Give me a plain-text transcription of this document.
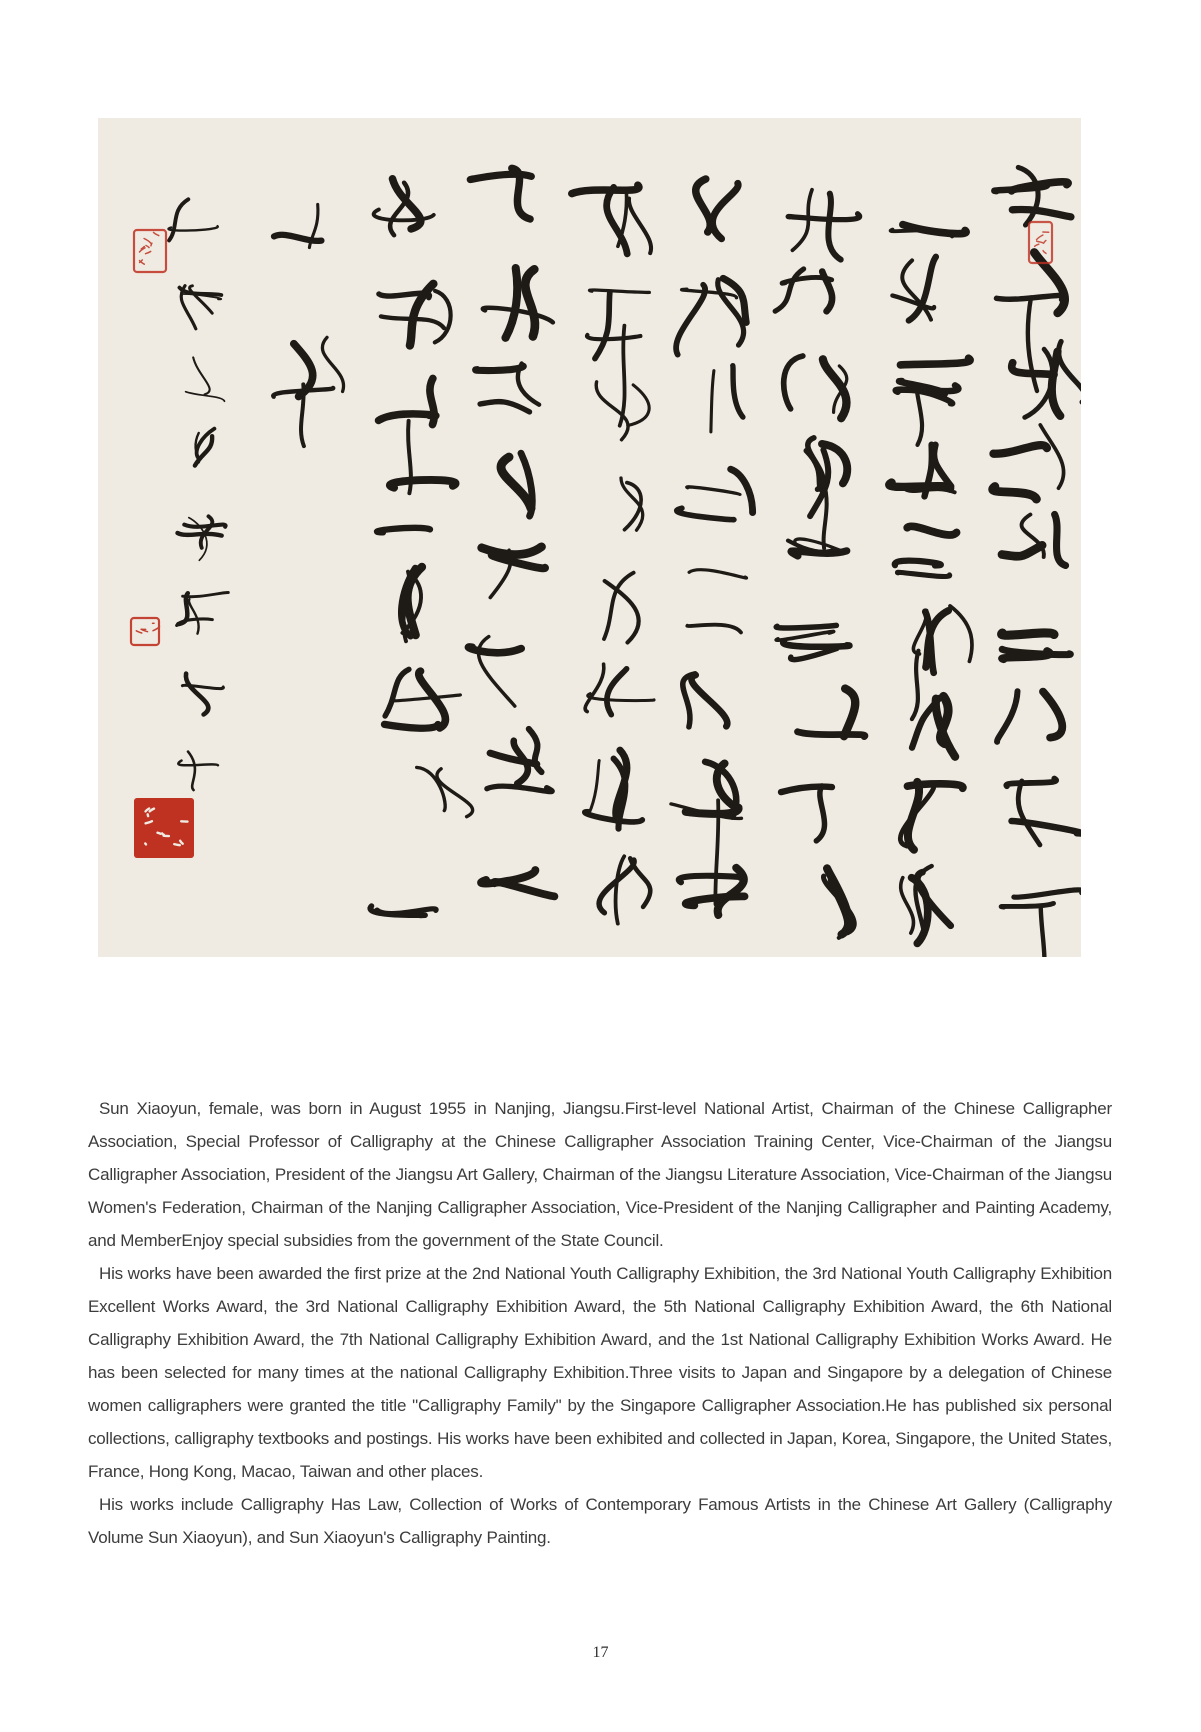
Sun Xiaoyun, female, was born in August 1955 in Nanjing, Jiangsu.First-level National Artist, Chairman of the Chinese Calligrapher Association, Special Professor of Calligraphy at the Chinese Calligrapher Association Training Center, Vice-Chairman of the Jiangsu Calligrapher Association, President of the Jiangsu Art Gallery, Chairman of the Jiangsu Literature Association, Vice-Chairman of the Jiangsu Women's Federation, Chairman of the Nanjing Calligrapher Association, Vice-President of the Nanjing Calligrapher and Painting Academy, and MemberEnjoy special subsidies from the government of the State Council.

His works have been awarded the first prize at the 2nd National Youth Calligraphy Exhibition, the 3rd National Youth Calligraphy Exhibition Excellent Works Award, the 3rd National Calligraphy Exhibition Award, the 5th National Calligraphy Exhibition Award, the 6th National Calligraphy Exhibition Award, the 7th National Calligraphy Exhibition Award, and the 1st National Calligraphy Exhibition Works Award. He has been selected for many times at the national Calligraphy Exhibition.Three visits to Japan and Singapore by a delegation of Chinese women calligraphers were granted the title "Calligraphy Family" by the Singapore Calligrapher Association.He has published six personal collections, calligraphy textbooks and postings. His works have been exhibited and collected in Japan, Korea, Singapore, the United States, France, Hong Kong, Macao, Taiwan and other places.

His works include Calligraphy Has Law, Collection of Works of Contemporary Famous Artists in the Chinese Art Gallery (Calligraphy Volume Sun Xiaoyun), and Sun Xiaoyun's Calligraphy Painting.

17
